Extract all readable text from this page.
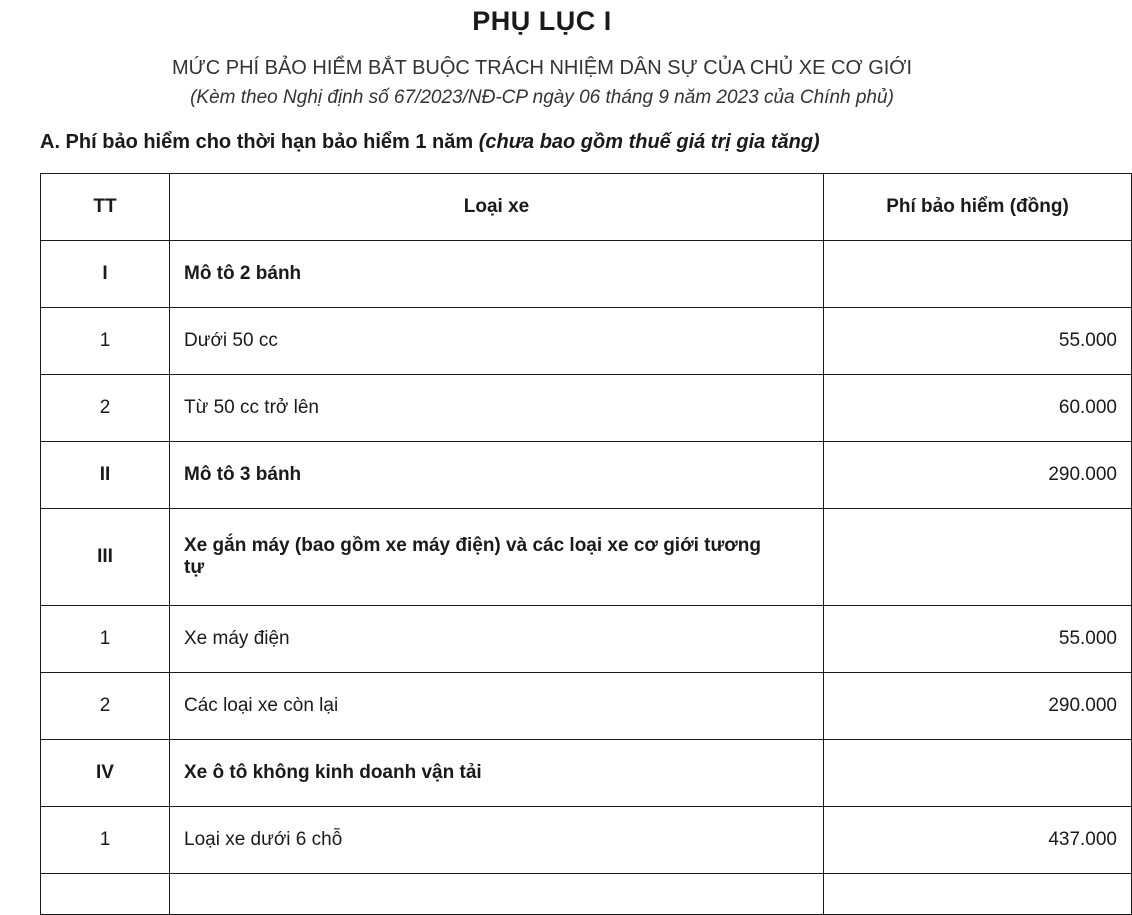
PHỤ LỤC I
MỨC PHÍ BẢO HIỂM BẮT BUỘC TRÁCH NHIỆM DÂN SỰ CỦA CHỦ XE CƠ GIỚI
(Kèm theo Nghị định số 67/2023/NĐ-CP ngày 06 tháng 9 năm 2023 của Chính phủ)
A. Phí bảo hiểm cho thời hạn bảo hiểm 1 năm (chưa bao gồm thuế giá trị gia tăng)
TT	Loại xe	Phí bảo hiểm (đồng)
I	Mô tô 2 bánh	
1	Dưới 50 cc	55.000
2	Từ 50 cc trở lên	60.000
II	Mô tô 3 bánh	290.000
III	Xe gắn máy (bao gồm xe máy điện) và các loại xe cơ giới tương tự	
1	Xe máy điện	55.000
2	Các loại xe còn lại	290.000
IV	Xe ô tô không kinh doanh vận tải	
1	Loại xe dưới 6 chỗ	437.000
